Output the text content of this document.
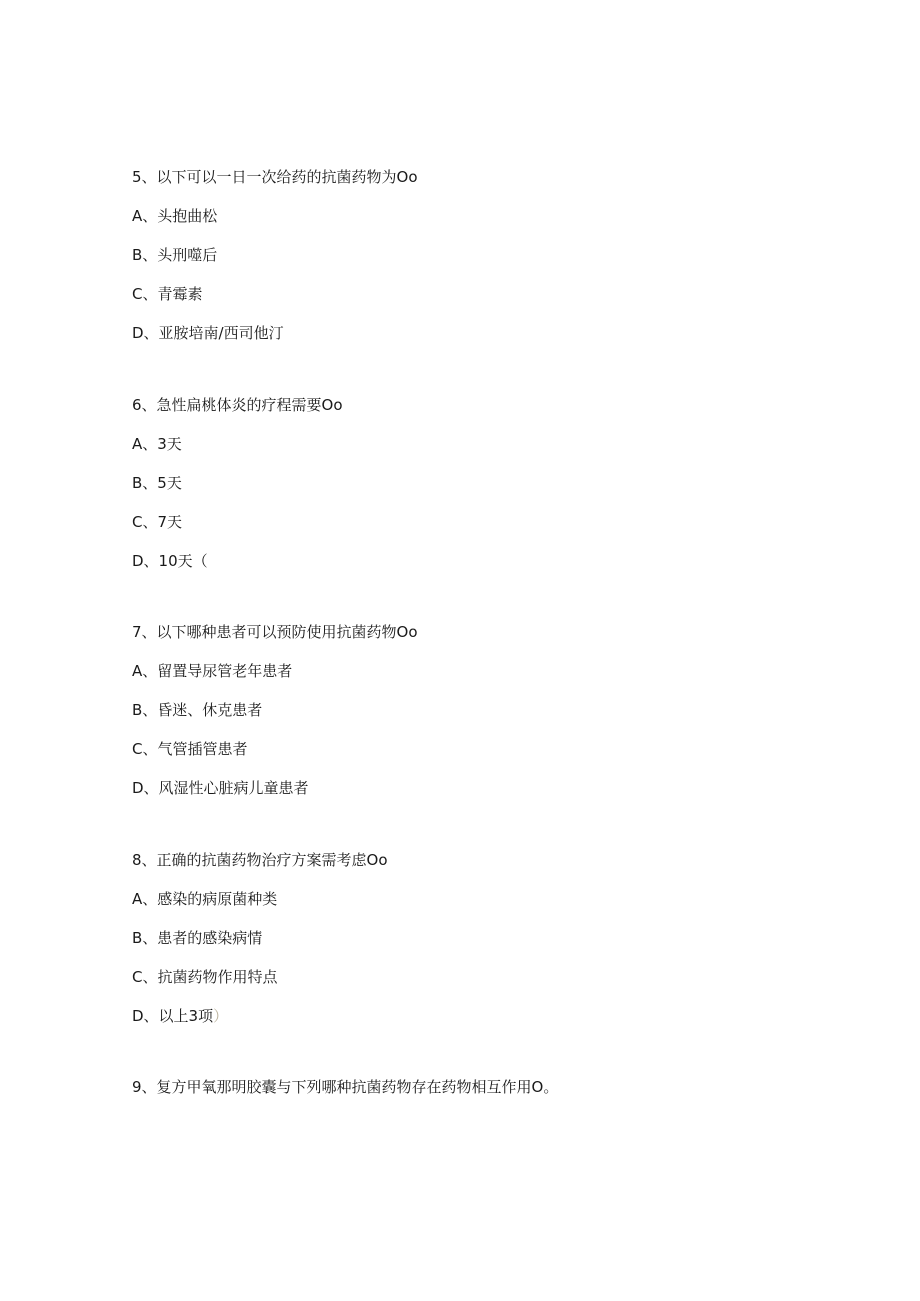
5、以下可以一日一次给药的抗菌药物为Oo
A、头抱曲松
B、头刑噬后
C、青霉素
D、亚胺培南/西司他汀
6、急性扁桃体炎的疗程需要Oo
A、3天
B、5天
C、7天
D、10天（
7、以下哪种患者可以预防使用抗菌药物Oo
A、留置导尿管老年患者
B、昏迷、休克患者
C、气管插管患者
D、风湿性心脏病儿童患者
8、正确的抗菌药物治疗方案需考虑Oo
A、感染的病原菌种类
B、患者的感染病情
C、抗菌药物作用特点
D、以上3项）
9、复方甲氧那明胶囊与下列哪种抗菌药物存在药物相互作用O。
